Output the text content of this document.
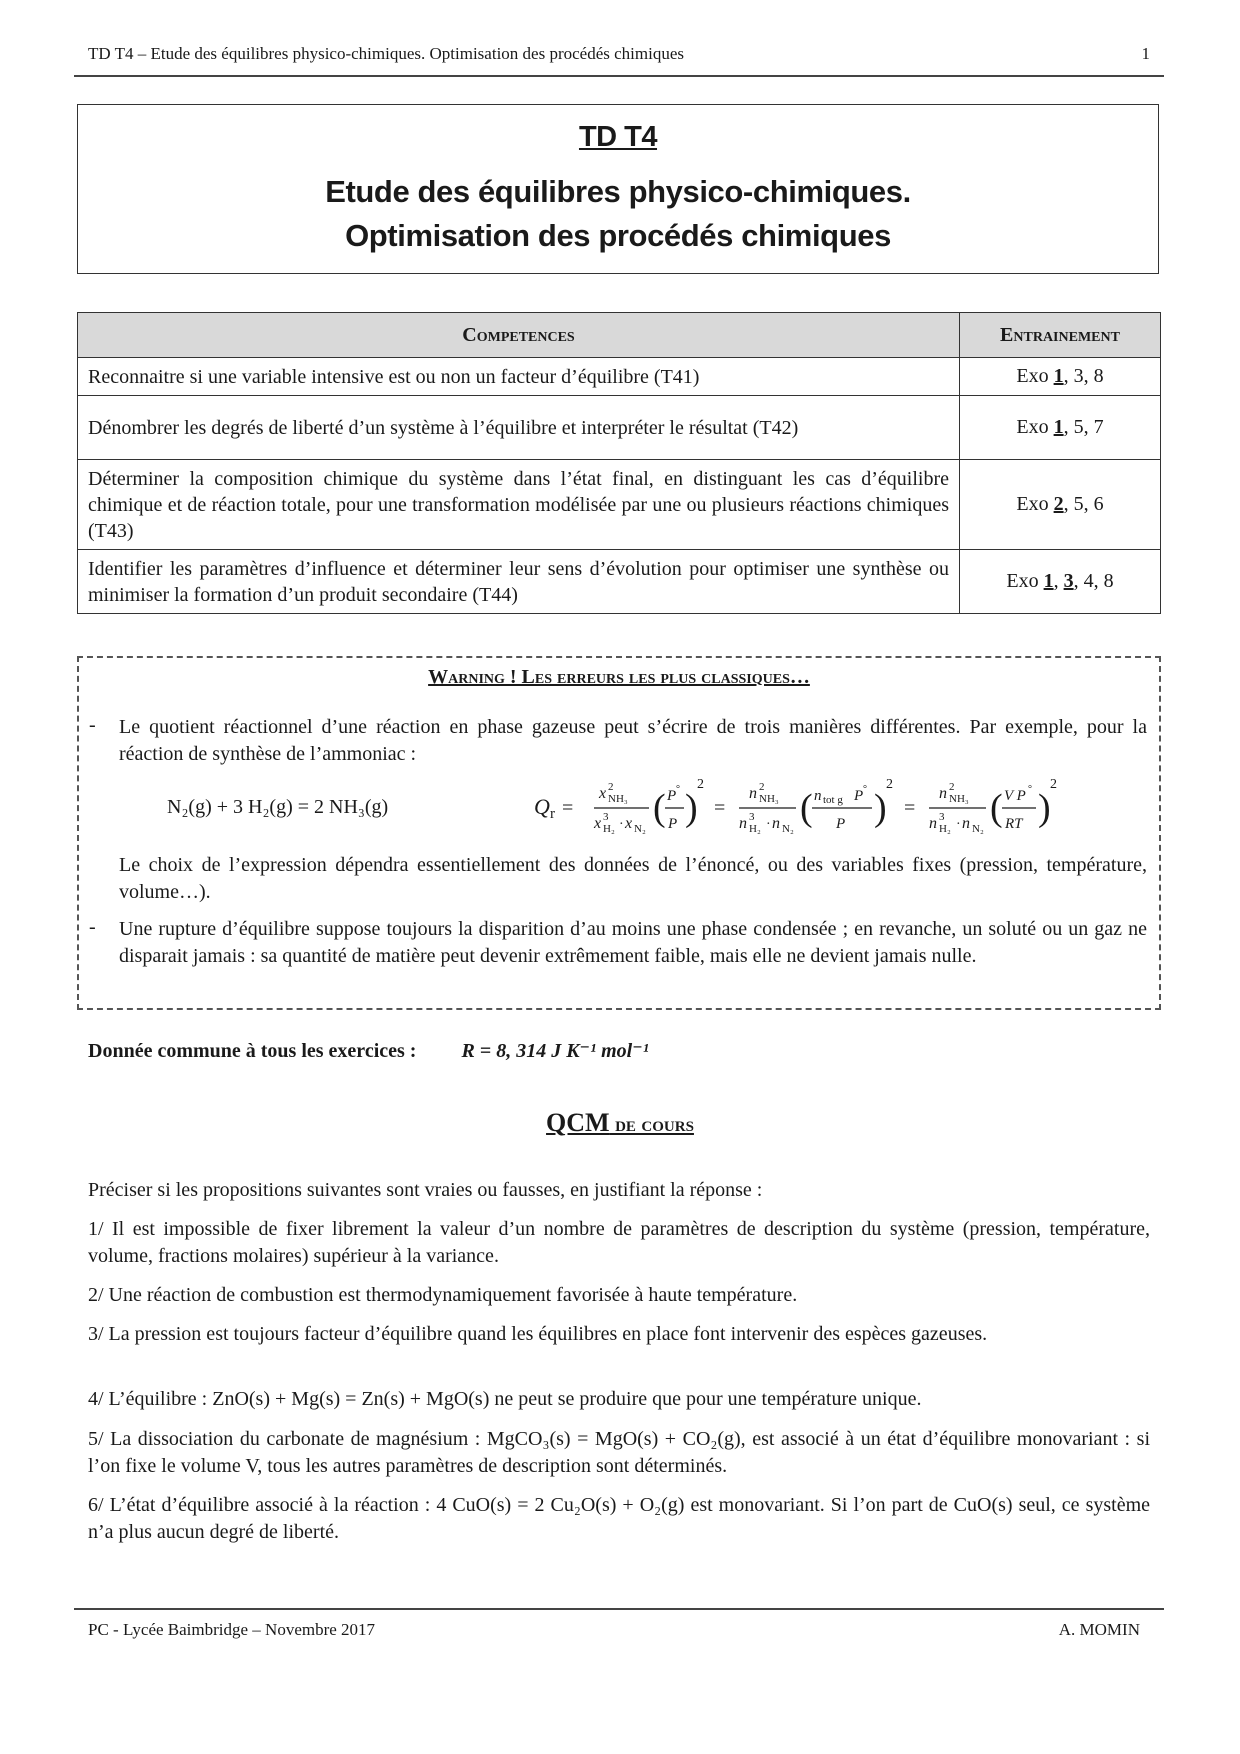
TD T4 – Etude des équilibres physico-chimiques. Optimisation des procédés chimiques	1
TD T4
Etude des équilibres physico-chimiques.
Optimisation des procédés chimiques
Competences	Entrainement
Reconnaitre si une variable intensive est ou non un facteur d’équilibre (T41)	Exo 1, 3, 8
Dénombrer les degrés de liberté d’un système à l’équilibre et interpréter le résultat (T42)	Exo 1, 5, 7
Déterminer la composition chimique du système dans l’état final, en distinguant les cas d’équilibre chimique et de réaction totale, pour une transformation modélisée par une ou plusieurs réactions chimiques (T43)	Exo 2, 5, 6
Identifier les paramètres d’influence et déterminer leur sens d’évolution pour optimiser une synthèse ou minimiser la formation d’un produit secondaire (T44)	Exo 1, 3, 4, 8
Warning ! Les erreurs les plus classiques…
- Le quotient réactionnel d’une réaction en phase gazeuse peut s’écrire de trois manières différentes. Par exemple, pour la réaction de synthèse de l’ammoniac :
N₂(g) + 3 H₂(g) = 2 NH₃(g)	Q r =
x 2
NH₃
x 3
H₂ · x N₂ ( P °
P )
2
=
n 2
NH₃
n 3
H₂ · n N₂ ( n tot g P °
P )
2
=
n 2
NH₃
n 3
H₂ · n N₂ ( V P °
RT )
2
Le choix de l’expression dépendra essentiellement des données de l’énoncé, ou des variables fixes (pression, température, volume…).
- Une rupture d’équilibre suppose toujours la disparition d’au moins une phase condensée ; en revanche, un soluté ou un gaz ne disparait jamais : sa quantité de matière peut devenir extrêmement faible, mais elle ne devient jamais nulle.
Donnée commune à tous les exercices : R = 8, 314 J K⁻¹ mol⁻¹
QCM de cours
Préciser si les propositions suivantes sont vraies ou fausses, en justifiant la réponse :
1/ Il est impossible de fixer librement la valeur d’un nombre de paramètres de description du système (pression, température, volume, fractions molaires) supérieur à la variance.
2/ Une réaction de combustion est thermodynamiquement favorisée à haute température.
3/ La pression est toujours facteur d’équilibre quand les équilibres en place font intervenir des espèces gazeuses.
4/ L’équilibre : ZnO(s) + Mg(s) = Zn(s) + MgO(s) ne peut se produire que pour une température unique.
5/ La dissociation du carbonate de magnésium : MgCO₃(s) = MgO(s) + CO₂(g), est associé à un état d’équilibre monovariant : si l’on fixe le volume V, tous les autres paramètres de description sont déterminés.
6/ L’état d’équilibre associé à la réaction : 4 CuO(s) = 2 Cu₂O(s) + O₂(g) est monovariant. Si l’on part de CuO(s) seul, ce système n’a plus aucun degré de liberté.
PC - Lycée Baimbridge – Novembre 2017	A. MOMIN
